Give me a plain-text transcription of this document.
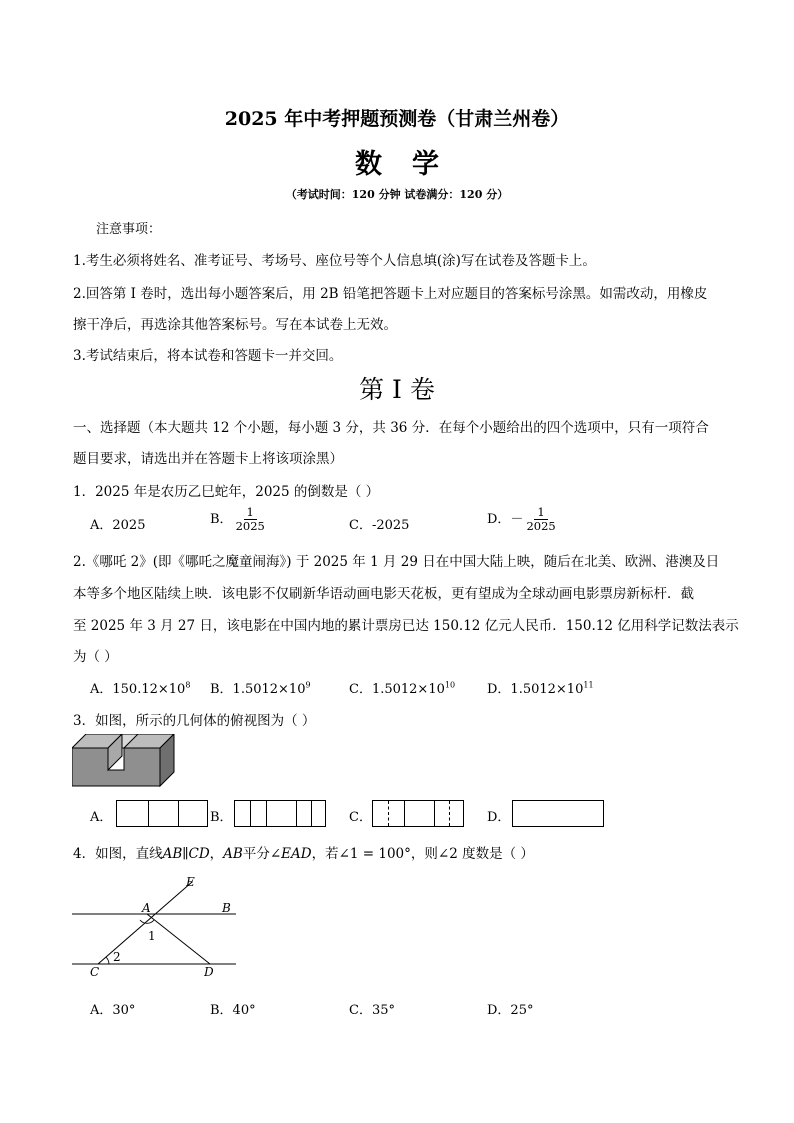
2025 年中考押题预测卷（甘肃兰州卷）
数学
（考试时间：120 分钟 试卷满分：120 分）
注意事项：
1.考生必须将姓名、准考证号、考场号、座位号等个人信息填(涂)写在试卷及答题卡上。
2.回答第 I 卷时，选出每小题答案后，用 2B 铅笔把答题卡上对应题目的答案标号涂黑。如需改动，用橡皮
擦干净后，再选涂其他答案标号。写在本试卷上无效。
3.考试结束后，将本试卷和答题卡一并交回。
第 I 卷
一、选择题（本大题共 12 个小题，每小题 3 分，共 36 分．在每个小题给出的四个选项中，只有一项符合
题目要求，请选出并在答题卡上将该项涂黑）
1．2025 年是农历乙巳蛇年，2025 的倒数是（ ）
A．2025	B． $\frac{1}{2025}$	C．-2025	D．－ $\frac{1}{2025}$
2.《哪吒 2》(即《哪吒之魔童闹海》) 于 2025 年 1 月 29 日在中国大陆上映，随后在北美、欧洲、港澳及日
本等多个地区陆续上映．该电影不仅刷新华语动画电影天花板，更有望成为全球动画电影票房新标杆．截
至 2025 年 3 月 27 日，该电影在中国内地的累计票房已达 150.12 亿元人民币．150.12 亿用科学记数法表示
为（ ）
A．$150.12\times 10^8$ B．$1.5012\times 10^9$	C．$1.5012\times 10^{10}$ D．$1.5012\times 10^{11}$
3．如图，所示的几何体的俯视图为（ ）
A．	B．	C．	D．
4．如图，直线AB∥CD，AB平分∠EAD，若∠1 = 100°，则∠2 度数是（ ）
E
A	B
C	D
1
2
A．30°	B．40°	C．35°	D．25°
